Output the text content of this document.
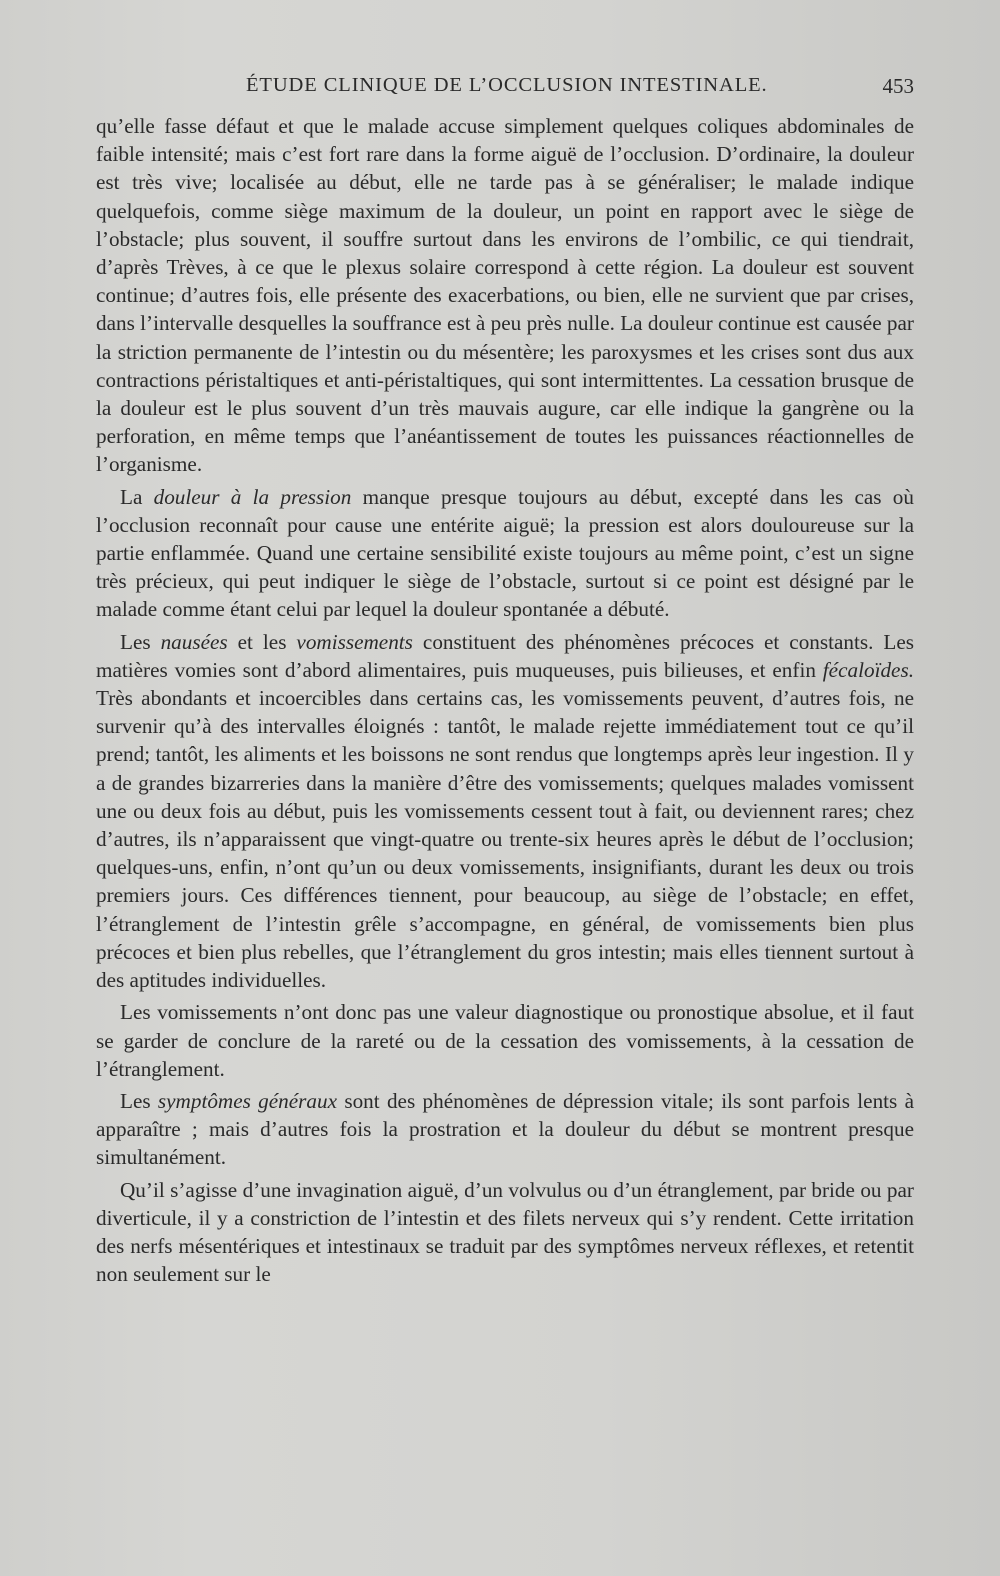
ÉTUDE CLINIQUE DE L’OCCLUSION INTESTINALE.	453

qu’elle fasse défaut et que le malade accuse simplement quelques coliques abdominales de faible intensité; mais c’est fort rare dans la forme aiguë de l’occlusion. D’ordinaire, la douleur est très vive; localisée au début, elle ne tarde pas à se généraliser; le malade indique quelquefois, comme siège maximum de la douleur, un point en rapport avec le siège de l’obstacle; plus souvent, il souffre surtout dans les environs de l’ombilic, ce qui tiendrait, d’après Trèves, à ce que le plexus solaire correspond à cette région. La douleur est souvent continue; d’autres fois, elle présente des exacerbations, ou bien, elle ne survient que par crises, dans l’intervalle desquelles la souffrance est à peu près nulle. La douleur continue est causée par la striction permanente de l’intestin ou du mésentère; les paroxysmes et les crises sont dus aux contractions péristaltiques et anti-péristaltiques, qui sont intermittentes. La cessation brusque de la douleur est le plus souvent d’un très mauvais augure, car elle indique la gangrène ou la perforation, en même temps que l’anéantissement de toutes les puissances réactionnelles de l’organisme.

La douleur à la pression manque presque toujours au début, excepté dans les cas où l’occlusion reconnaît pour cause une entérite aiguë; la pression est alors douloureuse sur la partie enflammée. Quand une certaine sensibilité existe toujours au même point, c’est un signe très précieux, qui peut indiquer le siège de l’obstacle, surtout si ce point est désigné par le malade comme étant celui par lequel la douleur spontanée a débuté.

Les nausées et les vomissements constituent des phénomènes précoces et constants. Les matières vomies sont d’abord alimentaires, puis muqueuses, puis bilieuses, et enfin fécaloïdes. Très abondants et incoercibles dans certains cas, les vomissements peuvent, d’autres fois, ne survenir qu’à des intervalles éloignés : tantôt, le malade rejette immédiatement tout ce qu’il prend; tantôt, les aliments et les boissons ne sont rendus que longtemps après leur ingestion. Il y a de grandes bizarreries dans la manière d’être des vomissements; quelques malades vomissent une ou deux fois au début, puis les vomissements cessent tout à fait, ou deviennent rares; chez d’autres, ils n’apparaissent que vingt-quatre ou trente-six heures après le début de l’occlusion; quelques-uns, enfin, n’ont qu’un ou deux vomissements, insignifiants, durant les deux ou trois premiers jours. Ces différences tiennent, pour beaucoup, au siège de l’obstacle; en effet, l’étranglement de l’intestin grêle s’accompagne, en général, de vomissements bien plus précoces et bien plus rebelles, que l’étranglement du gros intestin; mais elles tiennent surtout à des aptitudes individuelles.

Les vomissements n’ont donc pas une valeur diagnostique ou pronostique absolue, et il faut se garder de conclure de la rareté ou de la cessation des vomissements, à la cessation de l’étranglement.

Les symptômes généraux sont des phénomènes de dépression vitale; ils sont parfois lents à apparaître ; mais d’autres fois la prostration et la douleur du début se montrent presque simultanément.

Qu’il s’agisse d’une invagination aiguë, d’un volvulus ou d’un étranglement, par bride ou par diverticule, il y a constriction de l’intestin et des filets nerveux qui s’y rendent. Cette irritation des nerfs mésentériques et intestinaux se traduit par des symptômes nerveux réflexes, et retentit non seulement sur le
